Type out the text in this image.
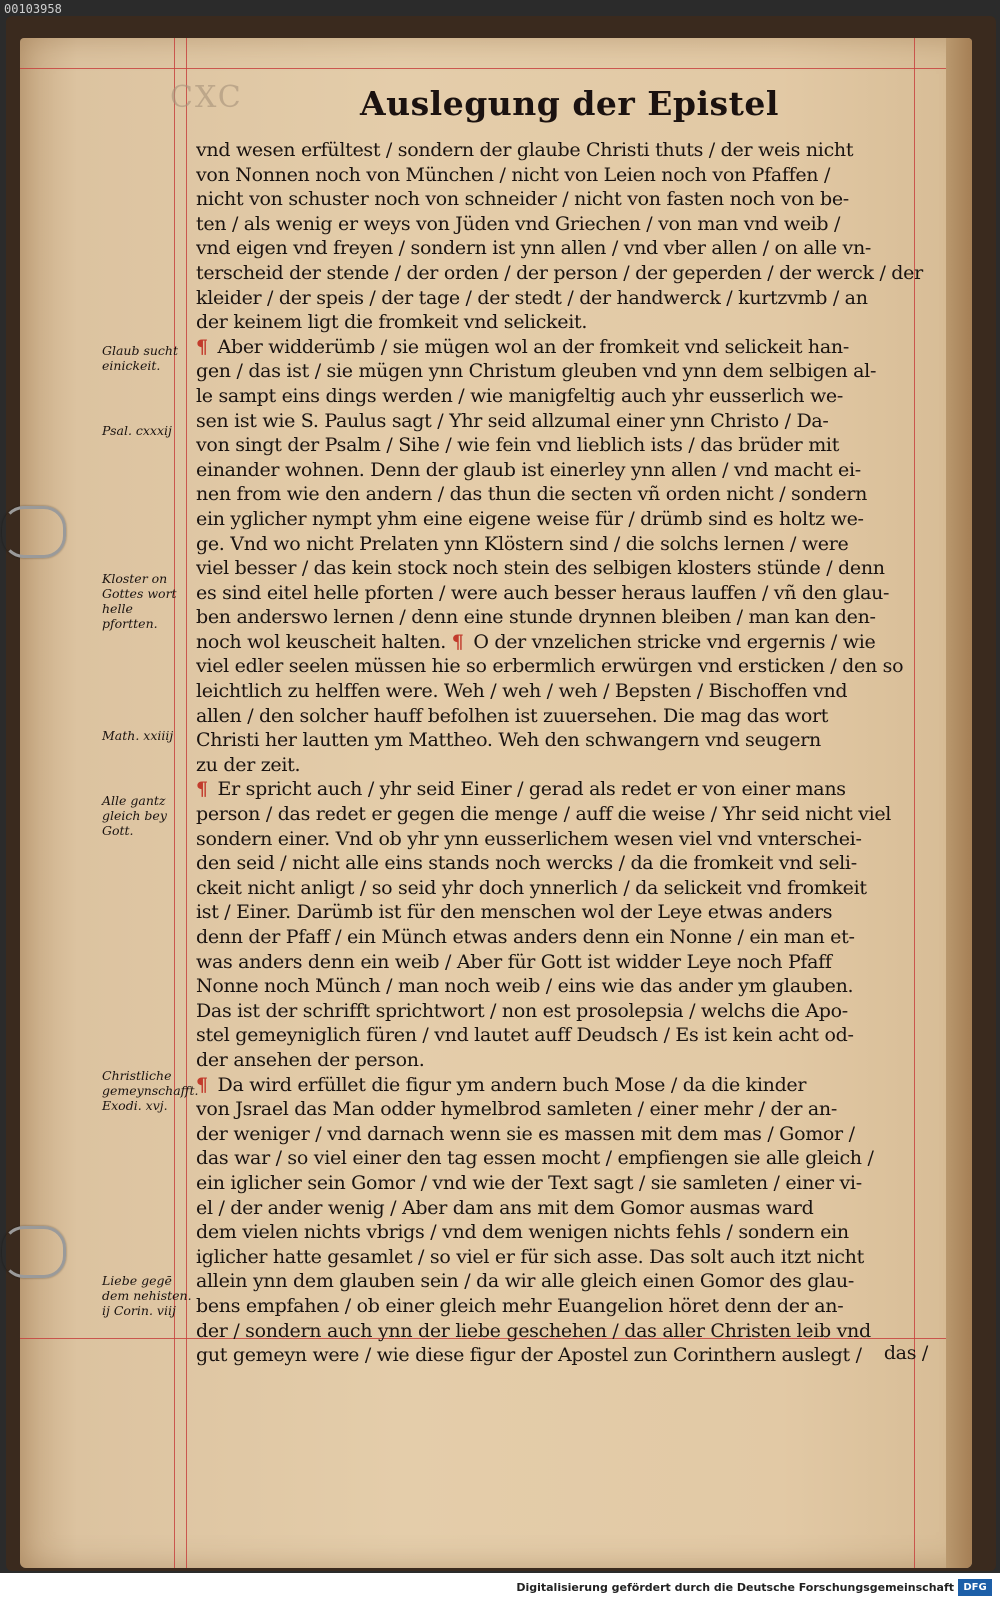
00103958
CXC	Auslegung der Epistel
vnd wesen erfültest / sondern der glaube Christi thuts / der weis nicht
von Nonnen noch von München / nicht von Leien noch von Pfaffen /
nicht von schuster noch von schneider / nicht von fasten noch von be-
ten / als wenig er weys von Jüden vnd Griechen / von man vnd weib /
vnd eigen vnd freyen / sondern ist ynn allen / vnd vber allen / on alle vn-
terscheid der stende / der orden / der person / der geperden / der werck / der
kleider / der speis / der tage / der stedt / der handwerck / kurtzvmb / an
der keinem ligt die fromkeit vnd selickeit.
¶ Aber widderümb / sie mügen wol an der fromkeit vnd selickeit han-
gen / das ist / sie mügen ynn Christum gleuben vnd ynn dem selbigen al-
le sampt eins dings werden / wie manigfeltig auch yhr eusserlich we-
sen ist wie S. Paulus sagt / Yhr seid allzumal einer ynn Christo / Da-
von singt der Psalm / Sihe / wie fein vnd lieblich ists / das brüder mit
einander wohnen. Denn der glaub ist einerley ynn allen / vnd macht ei-
nen from wie den andern / das thun die secten vñ orden nicht / sondern
ein yglicher nympt yhm eine eigene weise für / drümb sind es holtz we-
ge. Vnd wo nicht Prelaten ynn Klöstern sind / die solchs lernen / were
viel besser / das kein stock noch stein des selbigen klosters stünde / denn
es sind eitel helle pforten / were auch besser heraus lauffen / vñ den glau-
ben anderswo lernen / denn eine stunde drynnen bleiben / man kan den-
noch wol keuscheit halten. ¶ O der vnzelichen stricke vnd ergernis / wie
viel edler seelen müssen hie so erbermlich erwürgen vnd ersticken / den so
leichtlich zu helffen were. Weh / weh / weh / Bepsten / Bischoffen vnd
allen / den solcher hauff befolhen ist zuuersehen. Die mag das wort
Christi her lautten ym Mattheo. Weh den schwangern vnd seugern
zu der zeit.
¶ Er spricht auch / yhr seid Einer / gerad als redet er von einer mans
person / das redet er gegen die menge / auff die weise / Yhr seid nicht viel
sondern einer. Vnd ob yhr ynn eusserlichem wesen viel vnd vnterschei-
den seid / nicht alle eins stands noch wercks / da die fromkeit vnd seli-
ckeit nicht anligt / so seid yhr doch ynnerlich / da selickeit vnd fromkeit
ist / Einer. Darümb ist für den menschen wol der Leye etwas anders
denn der Pfaff / ein Münch etwas anders denn ein Nonne / ein man et-
was anders denn ein weib / Aber für Gott ist widder Leye noch Pfaff
Nonne noch Münch / man noch weib / eins wie das ander ym glauben.
Das ist der schrifft sprichtwort / non est prosolepsia / welchs die Apo-
stel gemeyniglich füren / vnd lautet auff Deudsch / Es ist kein acht od-
der ansehen der person.
¶ Da wird erfüllet die figur ym andern buch Mose / da die kinder
von Jsrael das Man odder hymelbrod samleten / einer mehr / der an-
der weniger / vnd darnach wenn sie es massen mit dem mas / Gomor /
das war / so viel einer den tag essen mocht / empfiengen sie alle gleich /
ein iglicher sein Gomor / vnd wie der Text sagt / sie samleten / einer vi-
el / der ander wenig / Aber dam ans mit dem Gomor ausmas ward
dem vielen nichts vbrigs / vnd dem wenigen nichts fehls / sondern ein
iglicher hatte gesamlet / so viel er für sich asse. Das solt auch itzt nicht
allein ynn dem glauben sein / da wir alle gleich einen Gomor des glau-
bens empfahen / ob einer gleich mehr Euangelion höret denn der an-
der / sondern auch ynn der liebe geschehen / das aller Christen leib vnd
gut gemeyn were / wie diese figur der Apostel zun Corinthern auslegt /
Glaub sucht einickeit.
Psal. cxxxij
Kloster on Gottes wort helle pfortten.
Math. xxiiij
Alle gantz gleich bey Gott.
Christliche gemeynschafft. Exodi. xvj.
Liebe gegē dem nehisten. ij Corin. viij
das /
Digitalisierung gefördert durch die Deutsche Forschungsgemeinschaft DFG
